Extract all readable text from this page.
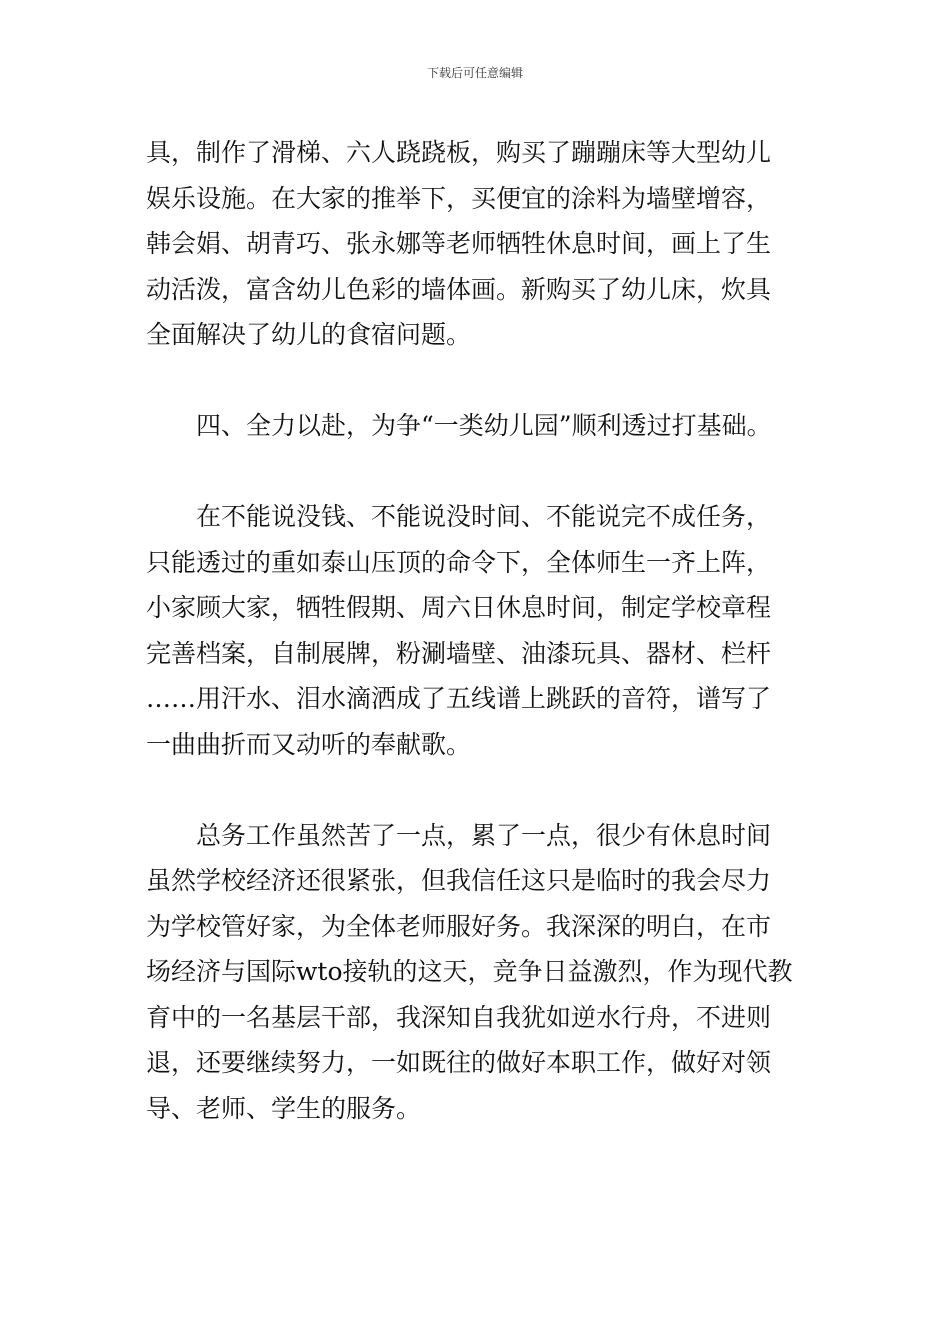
下载后可任意编辑
具，制作了滑梯、六人跷跷板，购买了蹦蹦床等大型幼儿
娱乐设施。在大家的推举下，买便宜的涂料为墙壁增容，
韩会娟、胡青巧、张永娜等老师牺牲休息时间，画上了生
动活泼，富含幼儿色彩的墙体画。新购买了幼儿床，炊具
全面解决了幼儿的食宿问题。
四、全力以赴，为争“一类幼儿园”顺利透过打基础。
在不能说没钱、不能说没时间、不能说完不成任务，
只能透过的重如泰山压顶的命令下，全体师生一齐上阵，
小家顾大家，牺牲假期、周六日休息时间，制定学校章程
完善档案，自制展牌，粉涮墙壁、油漆玩具、器材、栏杆
……用汗水、泪水滴洒成了五线谱上跳跃的音符，谱写了
一曲曲折而又动听的奉献歌。
总务工作虽然苦了一点，累了一点，很少有休息时间
虽然学校经济还很紧张，但我信任这只是临时的我会尽力
为学校管好家，为全体老师服好务。我深深的明白，在市
场经济与国际wto接轨的这天，竞争日益激烈，作为现代教
育中的一名基层干部，我深知自我犹如逆水行舟，不进则
退，还要继续努力，一如既往的做好本职工作，做好对领
导、老师、学生的服务。
